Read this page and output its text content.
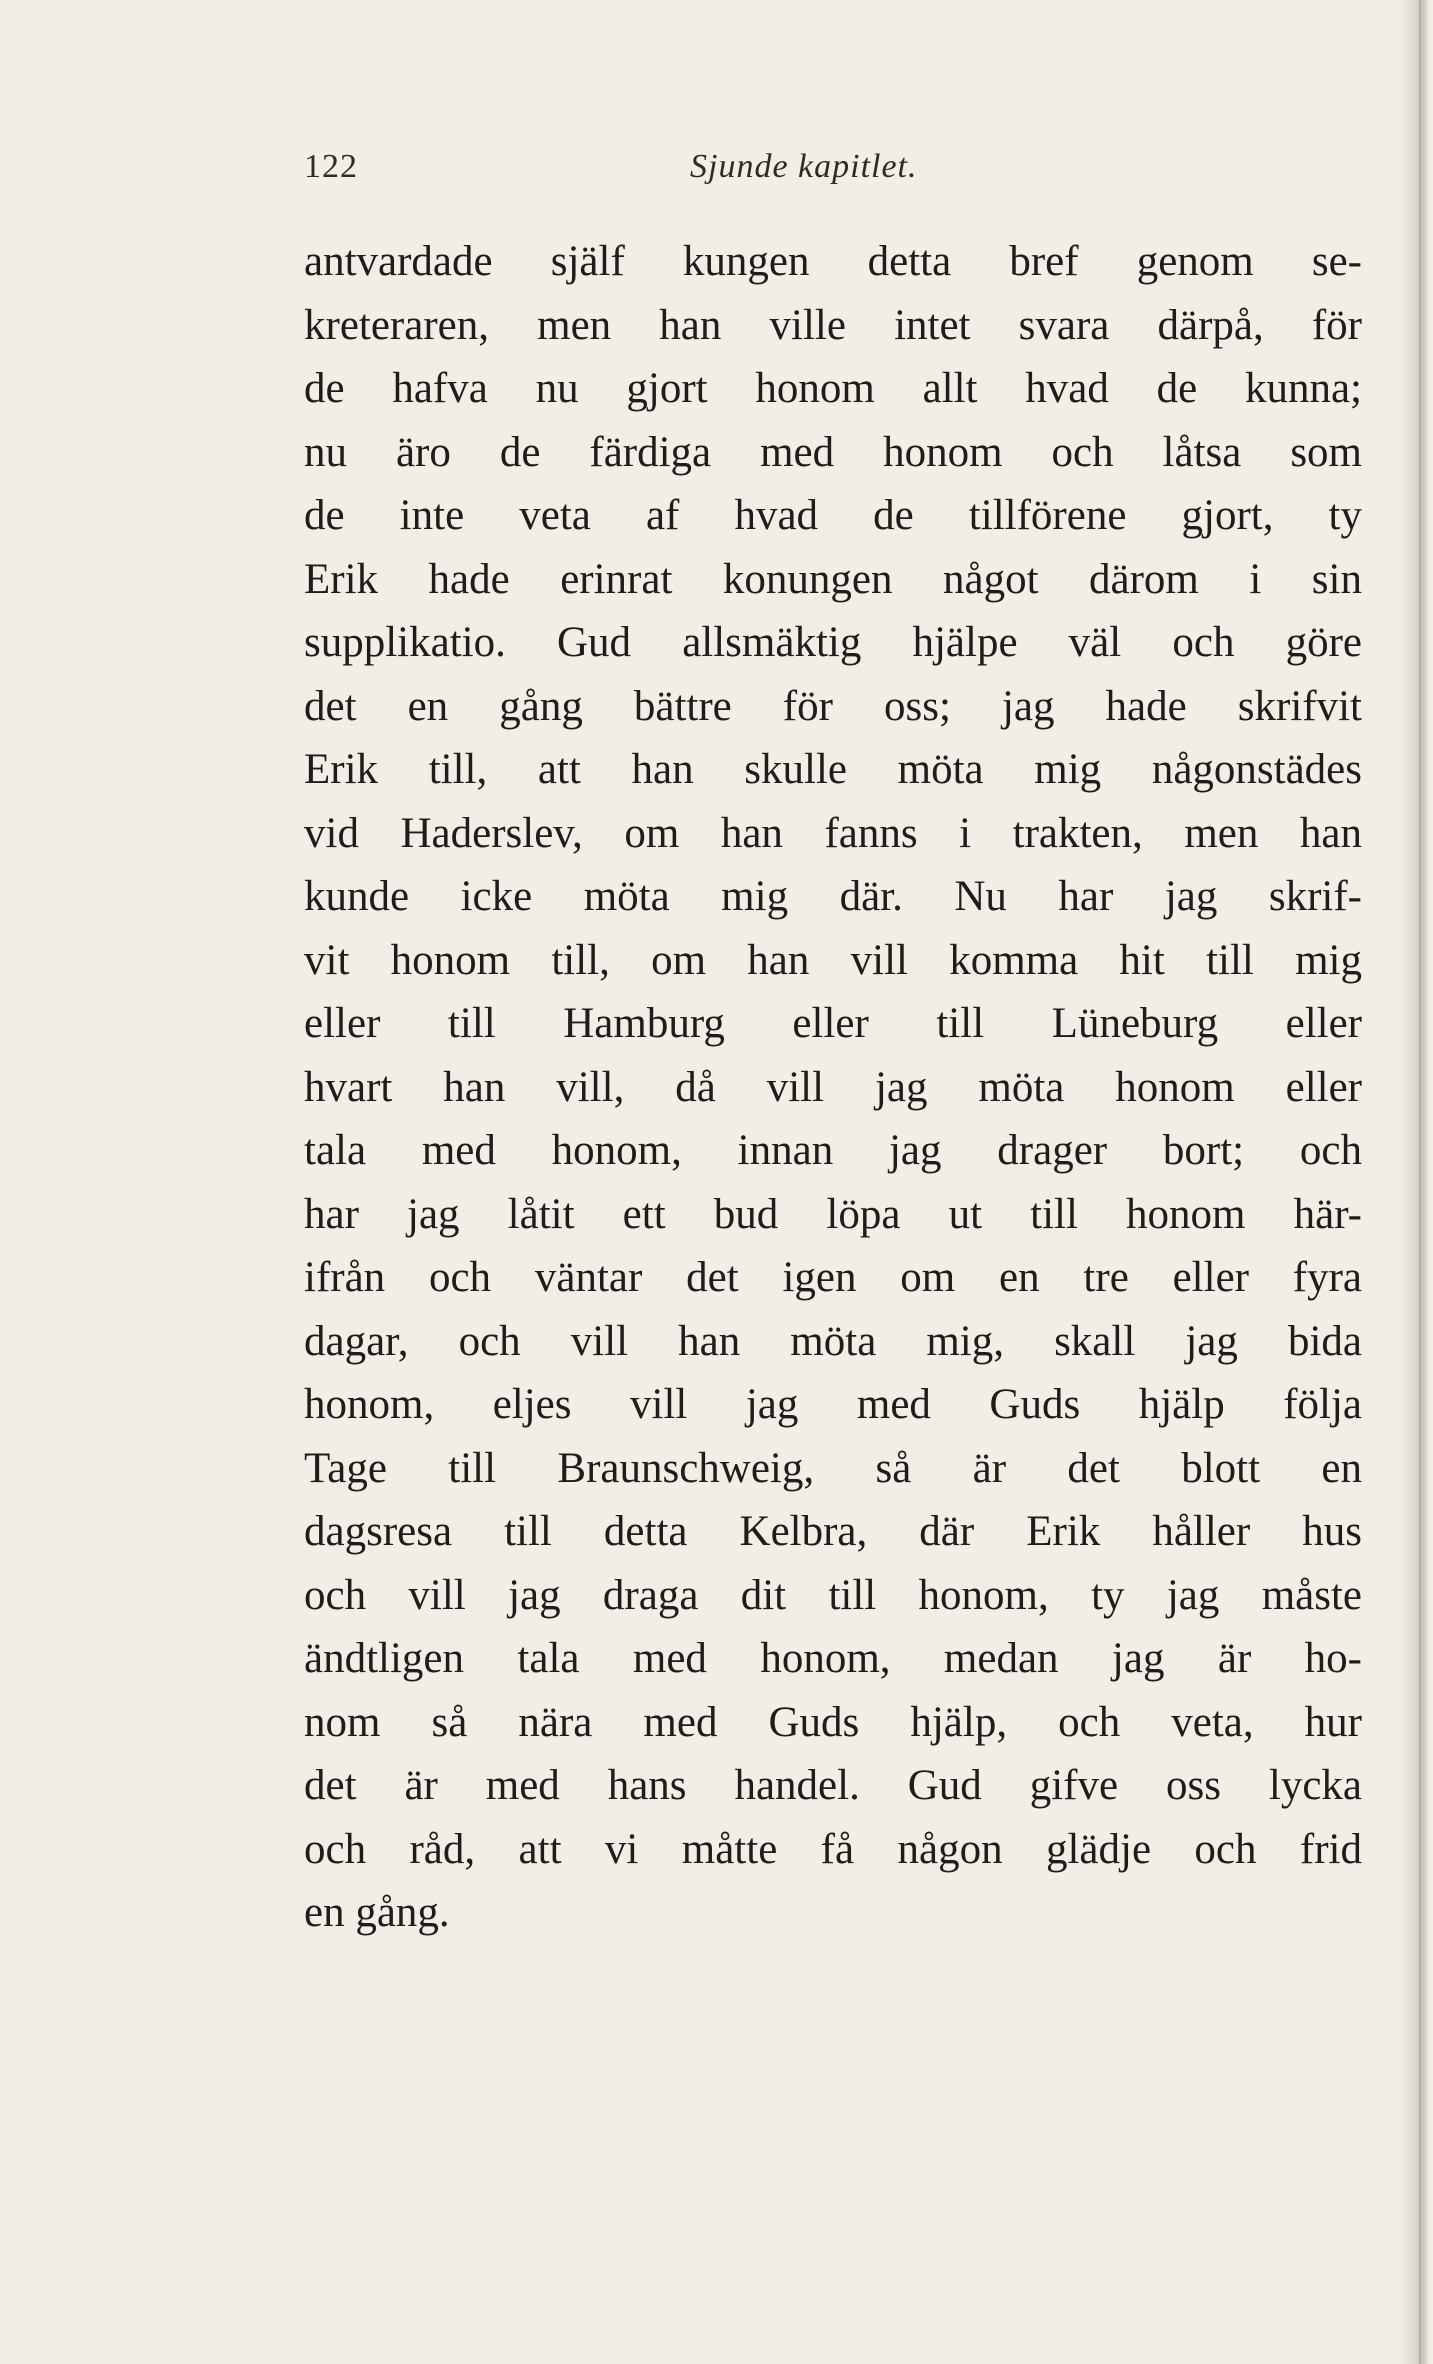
122	Sjunde kapitlet.
antvardade själf kungen detta bref genom se-
kreteraren, men han ville intet svara därpå, för
de hafva nu gjort honom allt hvad de kunna;
nu äro de färdiga med honom och låtsa som
de inte veta af hvad de tillförene gjort, ty
Erik hade erinrat konungen något därom i sin
supplikatio. Gud allsmäktig hjälpe väl och göre
det en gång bättre för oss; jag hade skrifvit
Erik till, att han skulle möta mig någonstädes
vid Haderslev, om han fanns i trakten, men han
kunde icke möta mig där. Nu har jag skrif-
vit honom till, om han vill komma hit till mig
eller till Hamburg eller till Lüneburg eller
hvart han vill, då vill jag möta honom eller
tala med honom, innan jag drager bort; och
har jag låtit ett bud löpa ut till honom här-
ifrån och väntar det igen om en tre eller fyra
dagar, och vill han möta mig, skall jag bida
honom, eljes vill jag med Guds hjälp följa
Tage till Braunschweig, så är det blott en
dagsresa till detta Kelbra, där Erik håller hus
och vill jag draga dit till honom, ty jag måste
ändtligen tala med honom, medan jag är ho-
nom så nära med Guds hjälp, och veta, hur
det är med hans handel. Gud gifve oss lycka
och råd, att vi måtte få någon glädje och frid
en gång.
